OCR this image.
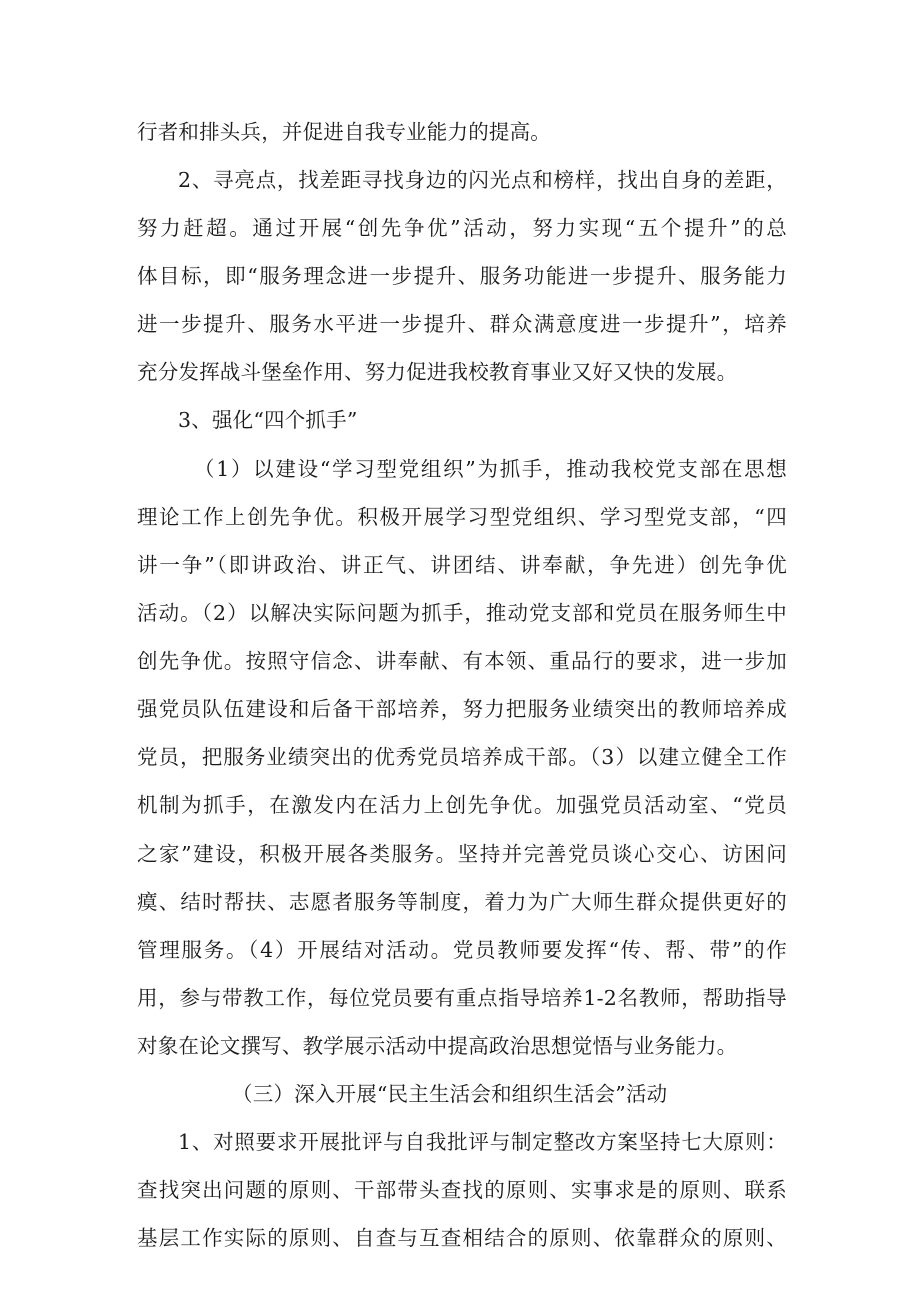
行者和排头兵，并促进自我专业能力的提高。
2、寻亮点，找差距寻找身边的闪光点和榜样，找出自身的差距，
努力赶超。通过开展“创先争优”活动，努力实现“五个提升”的总
体目标，即“服务理念进一步提升、服务功能进一步提升、服务能力
进一步提升、服务水平进一步提升、群众满意度进一步提升”，培养
充分发挥战斗堡垒作用、努力促进我校教育事业又好又快的发展。
3、强化“四个抓手”
（1）以建设“学习型党组织”为抓手，推动我校党支部在思想
理论工作上创先争优。积极开展学习型党组织、学习型党支部，“四
讲一争”（即讲政治、讲正气、讲团结、讲奉献，争先进）创先争优
活动。（2）以解决实际问题为抓手，推动党支部和党员在服务师生中
创先争优。按照守信念、讲奉献、有本领、重品行的要求，进一步加
强党员队伍建设和后备干部培养，努力把服务业绩突出的教师培养成
党员，把服务业绩突出的优秀党员培养成干部。（3）以建立健全工作
机制为抓手，在激发内在活力上创先争优。加强党员活动室、“党员
之家”建设，积极开展各类服务。坚持并完善党员谈心交心、访困问
瘼、结时帮扶、志愿者服务等制度，着力为广大师生群众提供更好的
管理服务。（4）开展结对活动。党员教师要发挥“传、帮、带”的作
用，参与带教工作，每位党员要有重点指导培养1-2名教师，帮助指导
对象在论文撰写、教学展示活动中提高政治思想觉悟与业务能力。
（三）深入开展“民主生活会和组织生活会”活动
1、对照要求开展批评与自我批评与制定整改方案坚持七大原则：
查找突出问题的原则、干部带头查找的原则、实事求是的原则、联系
基层工作实际的原则、自查与互查相结合的原则、依靠群众的原则、
